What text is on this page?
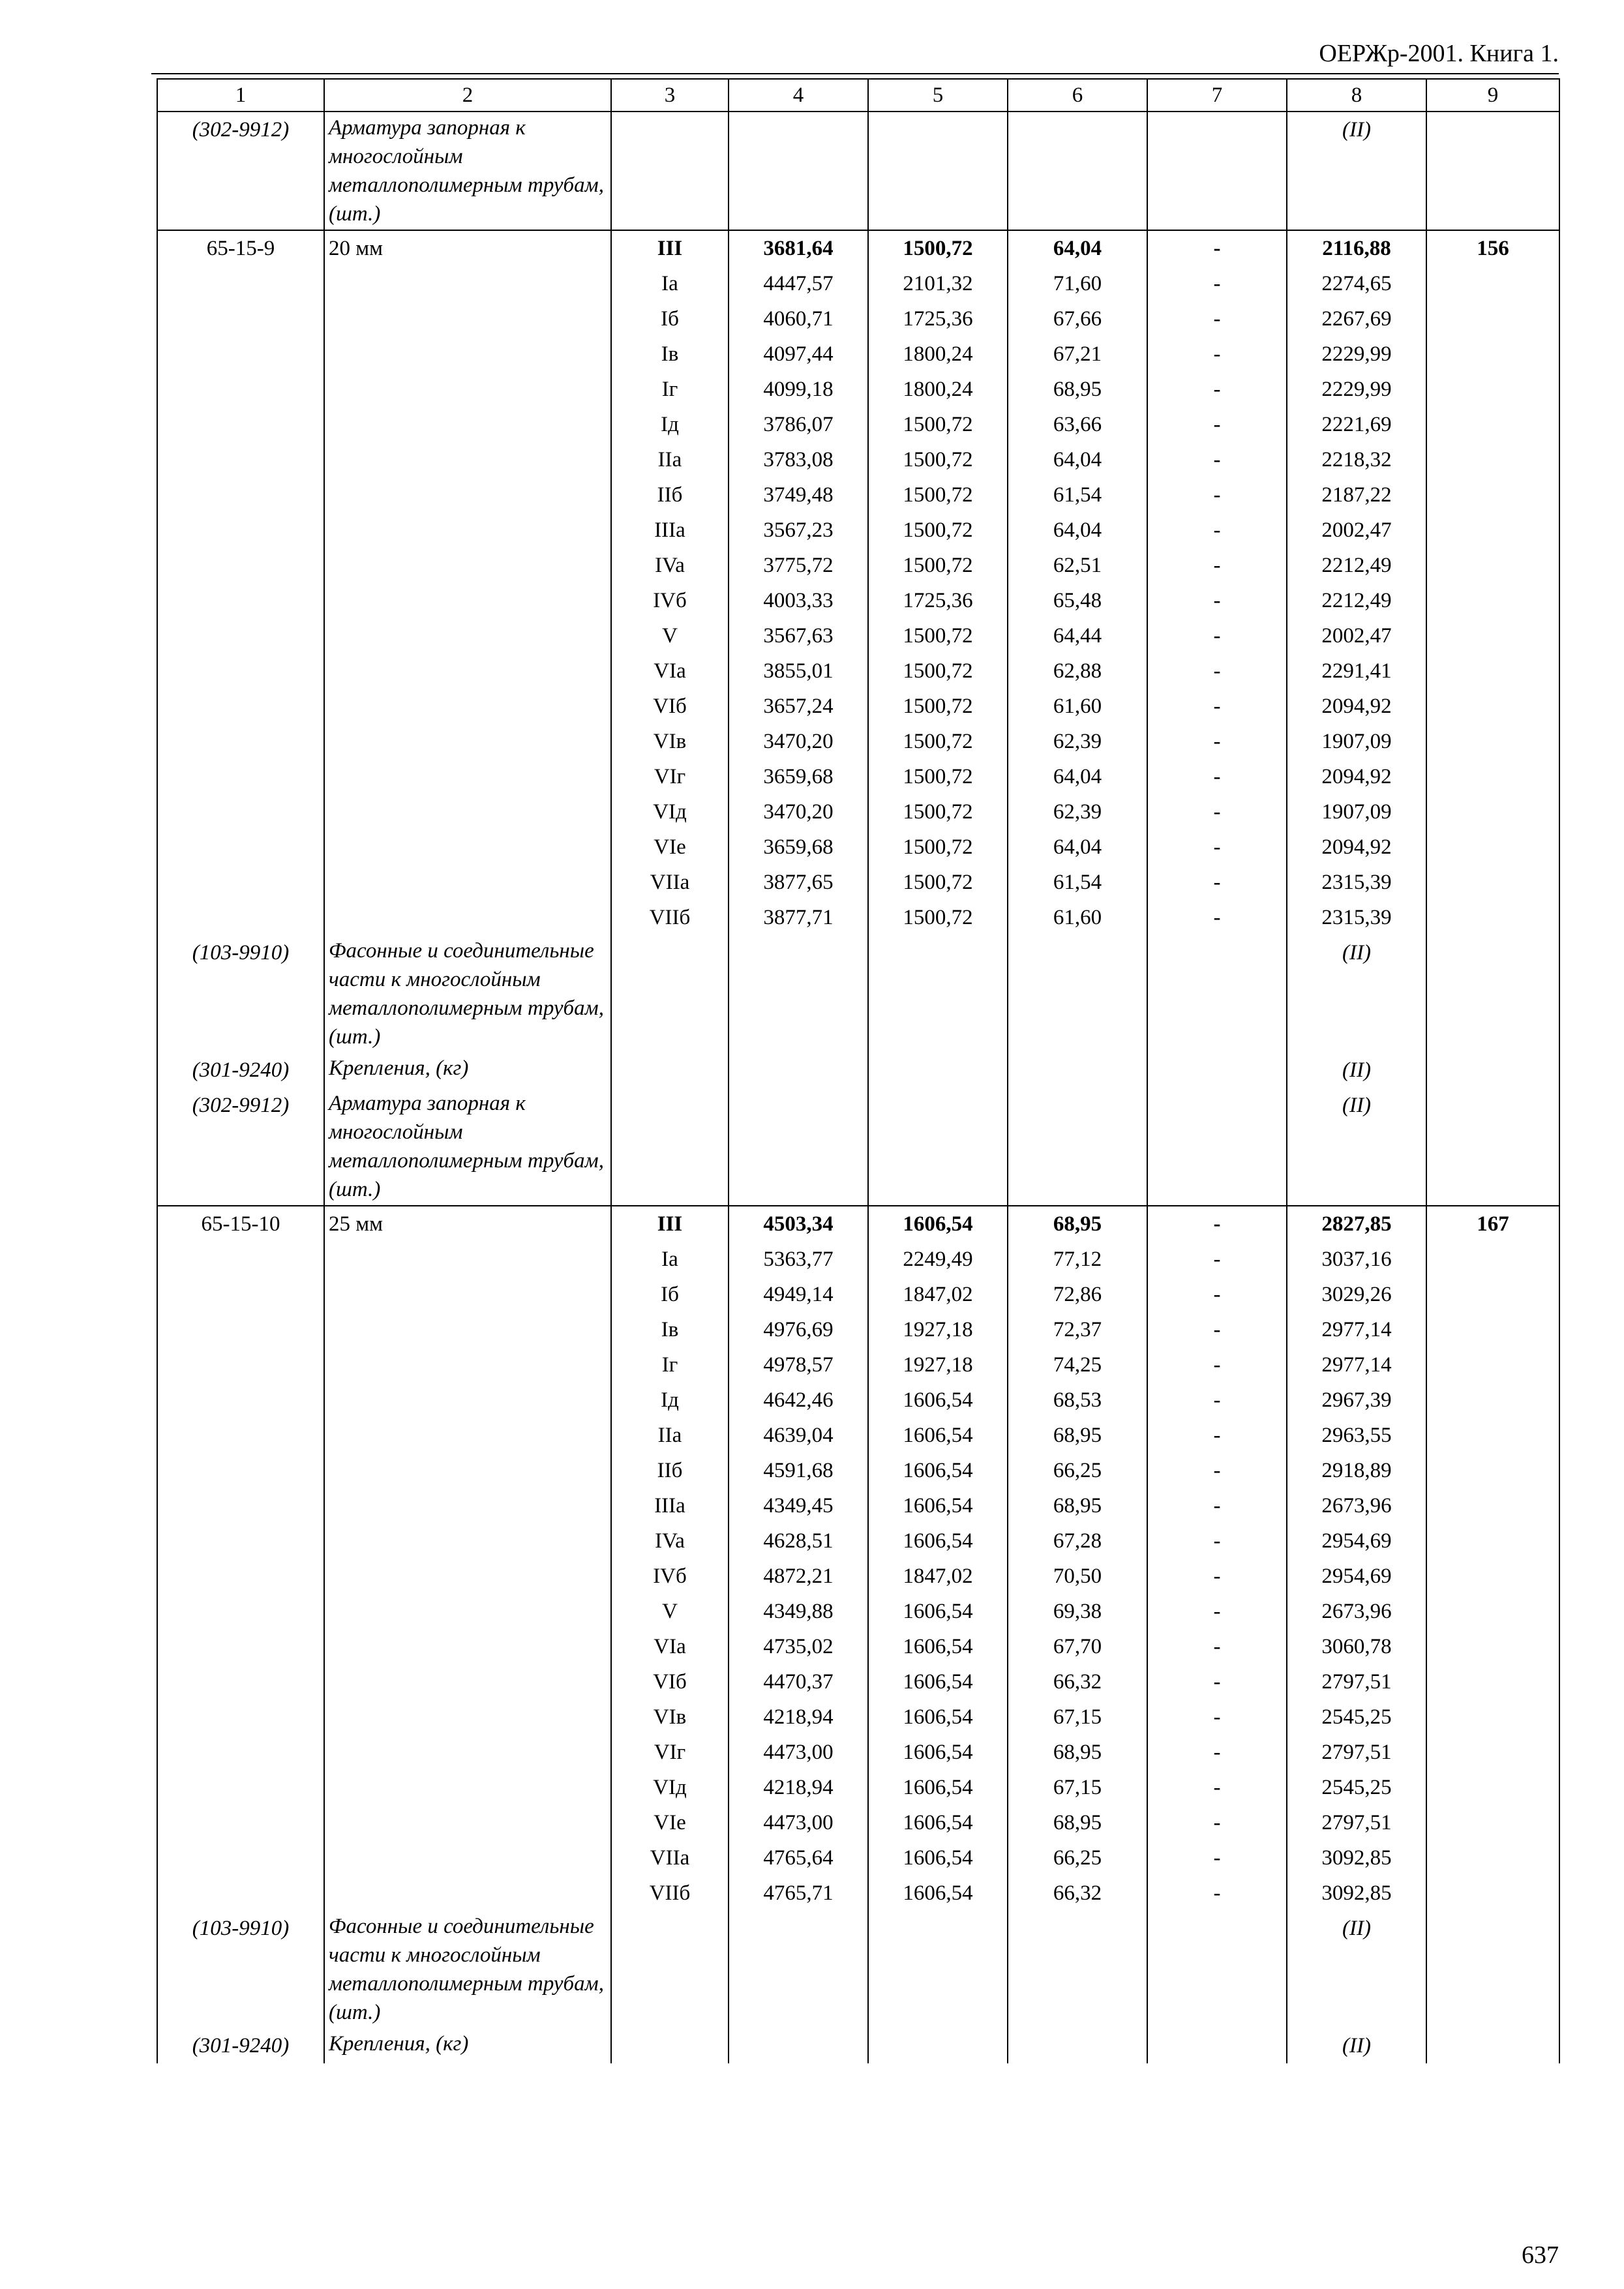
ОЕРЖр-2001. Книга 1.
1	2	3	4	5	6	7	8	9
(302-9912)	Арматура запорная к многослойным металлополимерным трубам, (шт.)						(II)	
65-15-9	20 мм	III	3681,64	1500,72	64,04	-	2116,88	156
		Ia	4447,57	2101,32	71,60	-	2274,65	
		Iб	4060,71	1725,36	67,66	-	2267,69	
		Iв	4097,44	1800,24	67,21	-	2229,99	
		Iг	4099,18	1800,24	68,95	-	2229,99	
		Iд	3786,07	1500,72	63,66	-	2221,69	
		IIa	3783,08	1500,72	64,04	-	2218,32	
		IIб	3749,48	1500,72	61,54	-	2187,22	
		IIIa	3567,23	1500,72	64,04	-	2002,47	
		IVa	3775,72	1500,72	62,51	-	2212,49	
		IVб	4003,33	1725,36	65,48	-	2212,49	
		V	3567,63	1500,72	64,44	-	2002,47	
		VIa	3855,01	1500,72	62,88	-	2291,41	
		VIб	3657,24	1500,72	61,60	-	2094,92	
		VIв	3470,20	1500,72	62,39	-	1907,09	
		VIг	3659,68	1500,72	64,04	-	2094,92	
		VIд	3470,20	1500,72	62,39	-	1907,09	
		VIe	3659,68	1500,72	64,04	-	2094,92	
		VIIa	3877,65	1500,72	61,54	-	2315,39	
		VIIб	3877,71	1500,72	61,60	-	2315,39	
(103-9910)	Фасонные и соединительные части к многослойным металлополимерным трубам, (шт.)						(II)	
(301-9240)	Крепления, (кг)						(II)	
(302-9912)	Арматура запорная к многослойным металлополимерным трубам, (шт.)						(II)	
65-15-10	25 мм	III	4503,34	1606,54	68,95	-	2827,85	167
		Ia	5363,77	2249,49	77,12	-	3037,16	
		Iб	4949,14	1847,02	72,86	-	3029,26	
		Iв	4976,69	1927,18	72,37	-	2977,14	
		Iг	4978,57	1927,18	74,25	-	2977,14	
		Iд	4642,46	1606,54	68,53	-	2967,39	
		IIa	4639,04	1606,54	68,95	-	2963,55	
		IIб	4591,68	1606,54	66,25	-	2918,89	
		IIIa	4349,45	1606,54	68,95	-	2673,96	
		IVa	4628,51	1606,54	67,28	-	2954,69	
		IVб	4872,21	1847,02	70,50	-	2954,69	
		V	4349,88	1606,54	69,38	-	2673,96	
		VIa	4735,02	1606,54	67,70	-	3060,78	
		VIб	4470,37	1606,54	66,32	-	2797,51	
		VIв	4218,94	1606,54	67,15	-	2545,25	
		VIг	4473,00	1606,54	68,95	-	2797,51	
		VIд	4218,94	1606,54	67,15	-	2545,25	
		VIe	4473,00	1606,54	68,95	-	2797,51	
		VIIa	4765,64	1606,54	66,25	-	3092,85	
		VIIб	4765,71	1606,54	66,32	-	3092,85	
(103-9910)	Фасонные и соединительные части к многослойным металлополимерным трубам, (шт.)						(II)	
(301-9240)	Крепления, (кг)						(II)	
637
